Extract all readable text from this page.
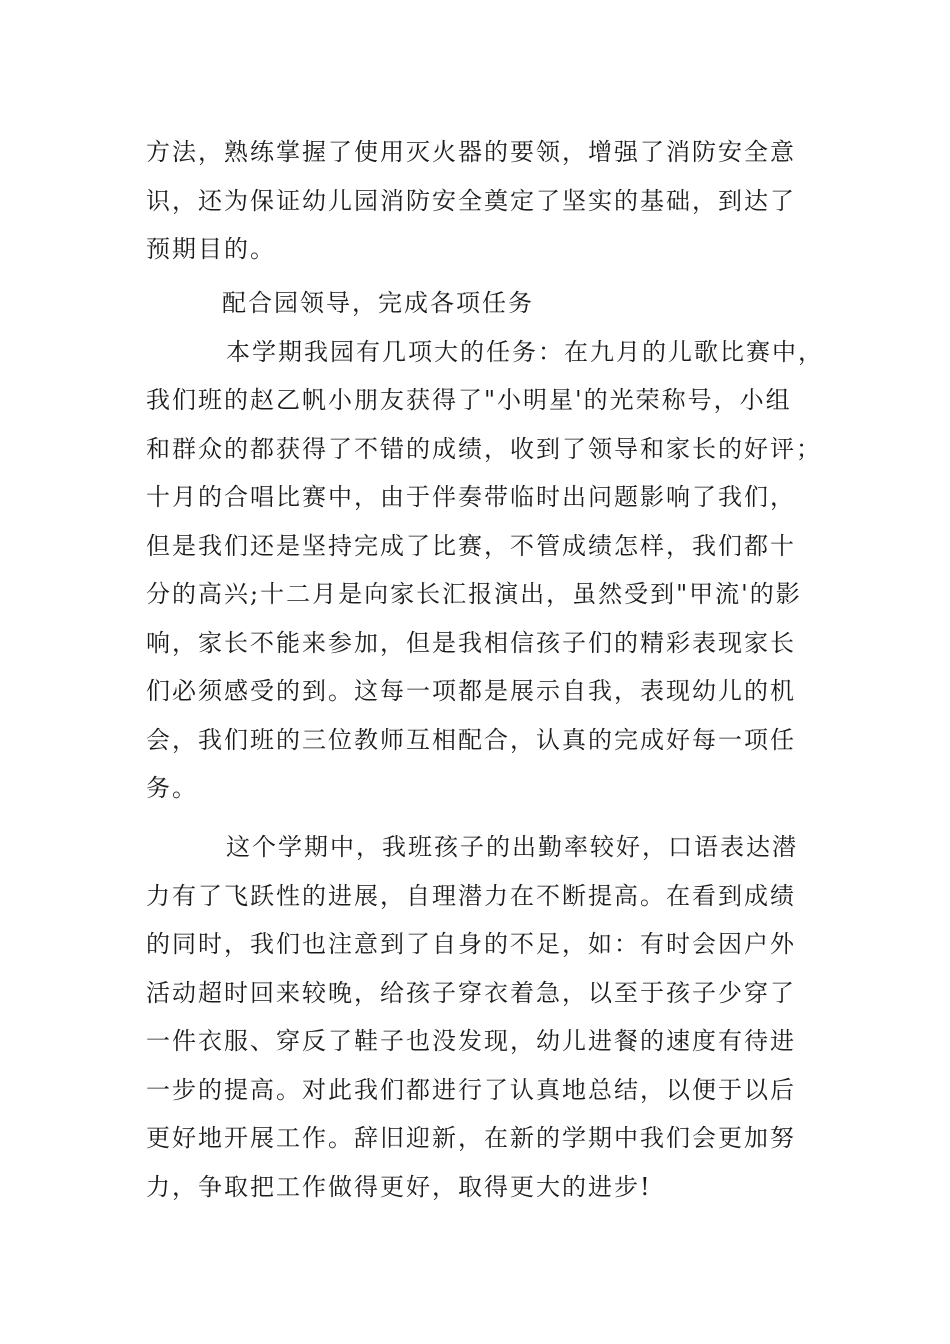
方法，熟练掌握了使用灭火器的要领，增强了消防安全意
识，还为保证幼儿园消防安全奠定了坚实的基础，到达了
预期目的。
配合园领导，完成各项任务
本学期我园有几项大的任务：在九月的儿歌比赛中，
我们班的赵乙帆小朋友获得了"小明星'的光荣称号，小组
和群众的都获得了不错的成绩，收到了领导和家长的好评；
十月的合唱比赛中，由于伴奏带临时出问题影响了我们，
但是我们还是坚持完成了比赛，不管成绩怎样，我们都十
分的高兴;十二月是向家长汇报演出，虽然受到"甲流'的影
响，家长不能来参加，但是我相信孩子们的精彩表现家长
们必须感受的到。这每一项都是展示自我，表现幼儿的机
会，我们班的三位教师互相配合，认真的完成好每一项任
务。
这个学期中，我班孩子的出勤率较好，口语表达潜
力有了飞跃性的进展，自理潜力在不断提高。在看到成绩
的同时，我们也注意到了自身的不足，如：有时会因户外
活动超时回来较晚，给孩子穿衣着急，以至于孩子少穿了
一件衣服、穿反了鞋子也没发现，幼儿进餐的速度有待进
一步的提高。对此我们都进行了认真地总结，以便于以后
更好地开展工作。辞旧迎新，在新的学期中我们会更加努
力，争取把工作做得更好，取得更大的进步!
